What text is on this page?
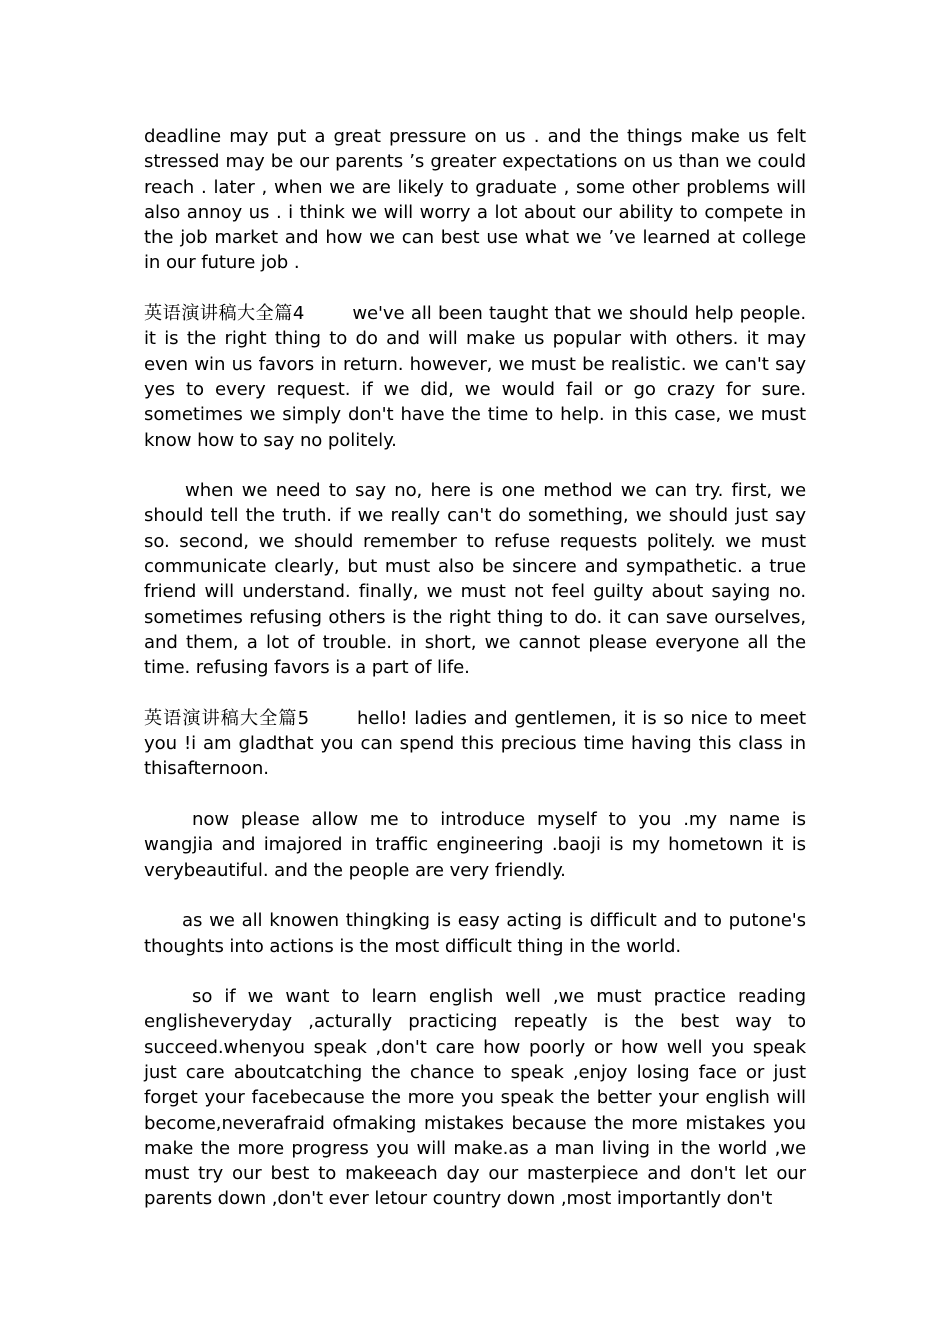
deadline may put a great pressure on us . and the things make us felt stressed may be our parents ’s greater expectations on us than we could reach . later , when we are likely to graduate , some other problems will also annoy us . i think we will worry a lot about our ability to compete in the job market and how we can best use what we ’ve learned at college in our future job .

英语演讲稿大全篇4	we've all been taught that we should help people. it is the right thing to do and will make us popular with others. it may even win us favors in return. however, we must be realistic. we can't say yes to every request. if we did, we would fail or go crazy for sure. sometimes we simply don't have the time to help. in this case, we must know how to say no politely.

when we need to say no, here is one method we can try. first, we should tell the truth. if we really can't do something, we should just say so. second, we should remember to refuse requests politely. we must communicate clearly, but must also be sincere and sympathetic. a true friend will understand. finally, we must not feel guilty about saying no. sometimes refusing others is the right thing to do. it can save ourselves, and them, a lot of trouble. in short, we cannot please everyone all the time. refusing favors is a part of life.

英语演讲稿大全篇5	hello! ladies and gentlemen, it is so nice to meet you !i am gladthat you can spend this precious time having this class in thisafternoon.

now please allow me to introduce myself to you .my name is wangjia and imajored in traffic engineering .baoji is my hometown it is verybeautiful. and the people are very friendly.

as we all knowen thingking is easy acting is difficult and to putone's thoughts into actions is the most difficult thing in the world.

so if we want to learn english well ,we must practice reading englisheveryday ,acturally practicing repeatly is the best way to succeed.whenyou speak ,don't care how poorly or how well you speak just care aboutcatching the chance to speak ,enjoy losing face or just forget your facebecause the more you speak the better your english will become,neverafraid ofmaking mistakes because the more mistakes you make the more progress you will make.as a man living in the world ,we must try our best to makeeach day our masterpiece and don't let our parents down ,don't ever letour country down ,most importantly don't
